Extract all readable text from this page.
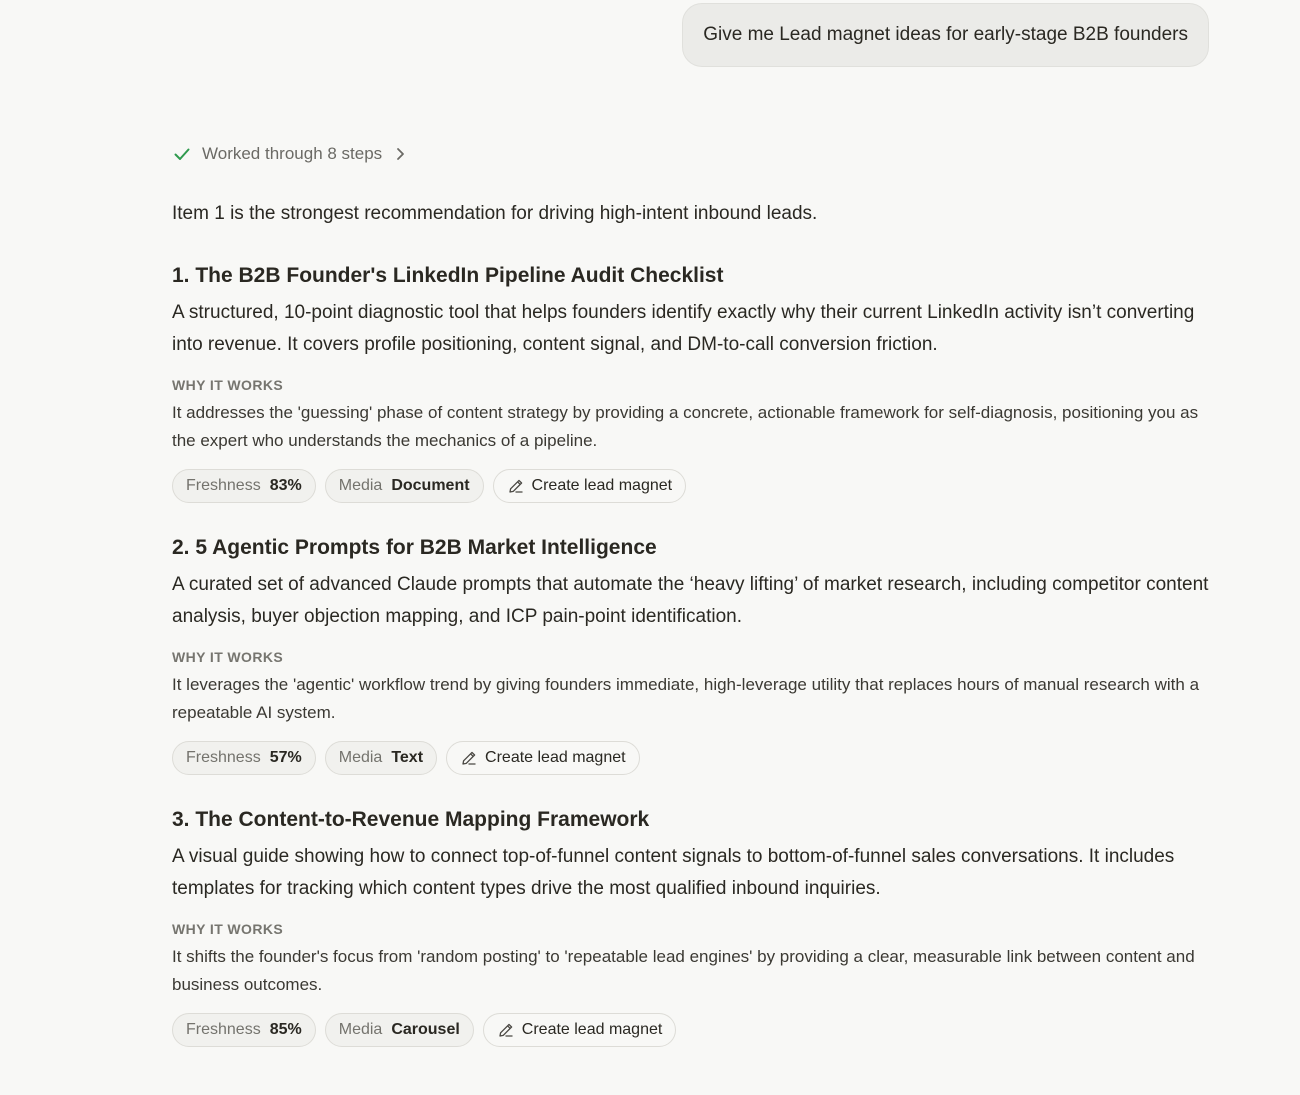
Give me Lead magnet ideas for early-stage B2B founders
Worked through 8 steps

Item 1 is the strongest recommendation for driving high-intent inbound leads.

1. The B2B Founder's LinkedIn Pipeline Audit Checklist

A structured, 10-point diagnostic tool that helps founders identify exactly why their current LinkedIn activity isn’t converting into revenue. It covers profile positioning, content signal, and DM-to-call conversion friction.

WHY IT WORKS

It addresses the 'guessing' phase of content strategy by providing a concrete, actionable framework for self-diagnosis, positioning you as the expert who understands the mechanics of a pipeline.

Freshness 83% Media Document	Create lead magnet
2. 5 Agentic Prompts for B2B Market Intelligence

A curated set of advanced Claude prompts that automate the ‘heavy lifting’ of market research, including competitor content analysis, buyer objection mapping, and ICP pain-point identification.

WHY IT WORKS

It leverages the 'agentic' workflow trend by giving founders immediate, high-leverage utility that replaces hours of manual research with a repeatable AI system.

Freshness 57% Media Text	Create lead magnet
3. The Content-to-Revenue Mapping Framework

A visual guide showing how to connect top-of-funnel content signals to bottom-of-funnel sales conversations. It includes templates for tracking which content types drive the most qualified inbound inquiries.

WHY IT WORKS

It shifts the founder's focus from 'random posting' to 'repeatable lead engines' by providing a clear, measurable link between content and business outcomes.

Freshness 85% Media Carousel	Create lead magnet
